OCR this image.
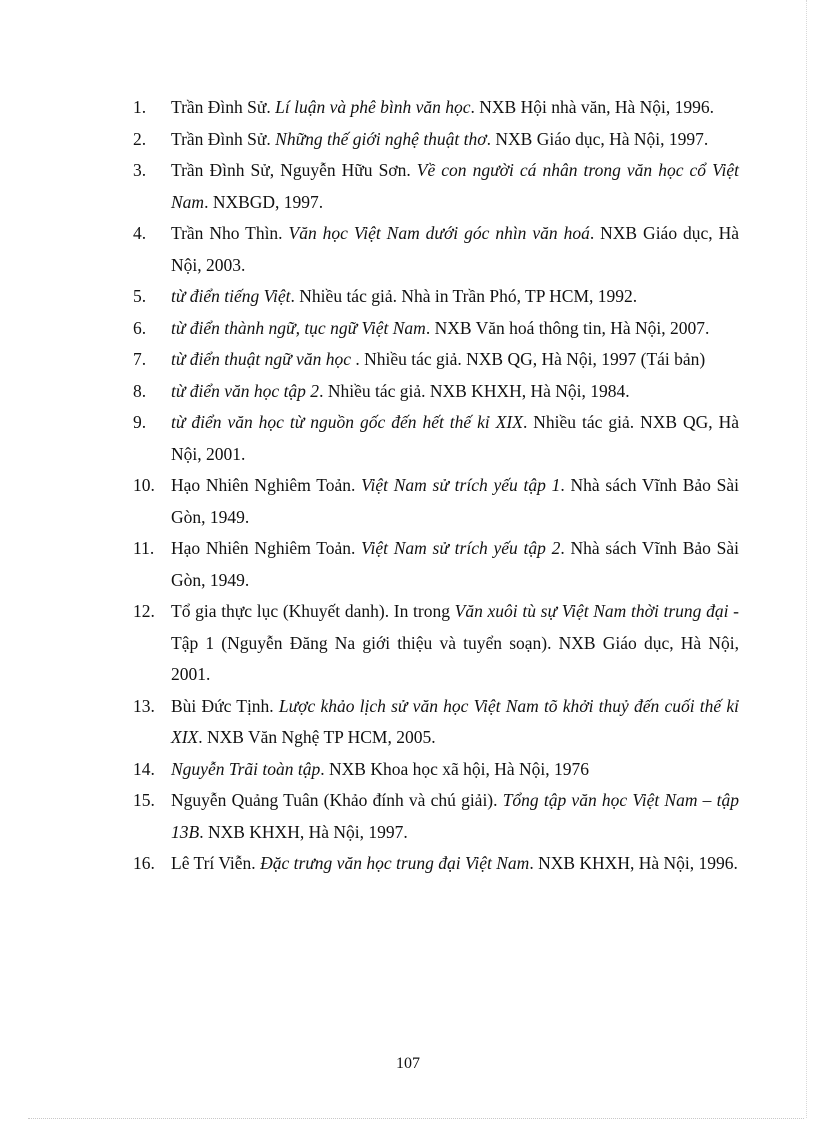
1. Trần Đình Sử. Lí luận và phê bình văn học. NXB Hội nhà văn, Hà Nội, 1996.
2. Trần Đình Sử. Những thế giới nghệ thuật thơ. NXB Giáo dục, Hà Nội, 1997.
3. Trần Đình Sử, Nguyễn Hữu Sơn. Về con người cá nhân trong văn học cổ Việt Nam. NXBGD, 1997.
4. Trần Nho Thìn. Văn học Việt Nam dưới góc nhìn văn hoá. NXB Giáo dục, Hà Nội, 2003.
5. từ điển tiếng Việt. Nhiều tác giả. Nhà in Trần Phó, TP HCM, 1992.
6. từ điển thành ngữ, tục ngữ Việt Nam. NXB Văn hoá thông tin, Hà Nội, 2007.
7. từ điển thuật ngữ văn học . Nhiều tác giả. NXB QG, Hà Nội, 1997 (Tái bản)
8. từ điển văn học tập 2. Nhiều tác giả. NXB KHXH, Hà Nội, 1984.
9. từ điển văn học từ nguồn gốc đến hết thế kỉ XIX. Nhiều tác giả. NXB QG, Hà Nội, 2001.
10. Hạo Nhiên Nghiêm Toản. Việt Nam sử trích yếu tập 1. Nhà sách Vĩnh Bảo Sài Gòn, 1949.
11. Hạo Nhiên Nghiêm Toản. Việt Nam sử trích yếu tập 2. Nhà sách Vĩnh Bảo Sài Gòn, 1949.
12. Tổ gia thực lục (Khuyết danh). In trong Văn xuôi tù sự Việt Nam thời trung đại - Tập 1 (Nguyễn Đăng Na giới thiệu và tuyển soạn). NXB Giáo dục, Hà Nội, 2001.
13. Bùi Đức Tịnh. Lược khảo lịch sử văn học Việt Nam tõ khởi thuỷ đến cuối thế kỉ XIX. NXB Văn Nghệ TP HCM, 2005.
14. Nguyễn Trãi toàn tập. NXB Khoa học xã hội, Hà Nội, 1976
15. Nguyễn Quảng Tuân (Khảo đính và chú giải). Tổng tập văn học Việt Nam – tập 13B. NXB KHXH, Hà Nội, 1997.
16. Lê Trí Viễn. Đặc trưng văn học trung đại Việt Nam. NXB KHXH, Hà Nội, 1996.
107
